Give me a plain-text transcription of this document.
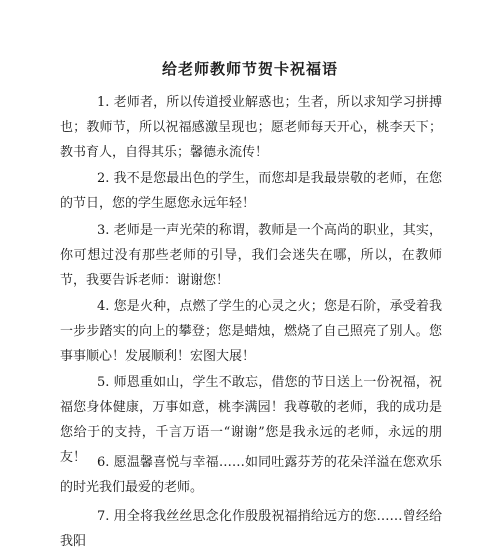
给老师教师节贺卡祝福语
1. 老师者，所以传道授业解惑也；生者，所以求知学习拼搏也；教师节，所以祝福感激呈现也；愿老师每天开心，桃李天下；教书育人，自得其乐；馨德永流传！
2. 我不是您最出色的学生，而您却是我最崇敬的老师，在您的节日，您的学生愿您永远年轻！
3. 老师是一声光荣的称谓，教师是一个高尚的职业，其实，你可想过没有那些老师的引导，我们会迷失在哪，所以，在教师节，我要告诉老师：谢谢您！
4. 您是火种，点燃了学生的心灵之火；您是石阶，承受着我一步步踏实的向上的攀登；您是蜡烛，燃烧了自己照亮了别人。您事事顺心！发展顺利！宏图大展！
5. 师恩重如山，学生不敢忘，借您的节日送上一份祝福，祝福您身体健康，万事如意，桃李满园！我尊敬的老师，我的成功是您给于的支持，千言万语一“谢谢”您是我永远的老师，永远的朋友！ 6. 愿温馨喜悦与幸福……如同吐露芬芳的花朵洋溢在您欢乐的时光我们最爱的老师。
7. 用全将我丝丝思念化作殷殷祝福捎给远方的您……曾经给我阳
